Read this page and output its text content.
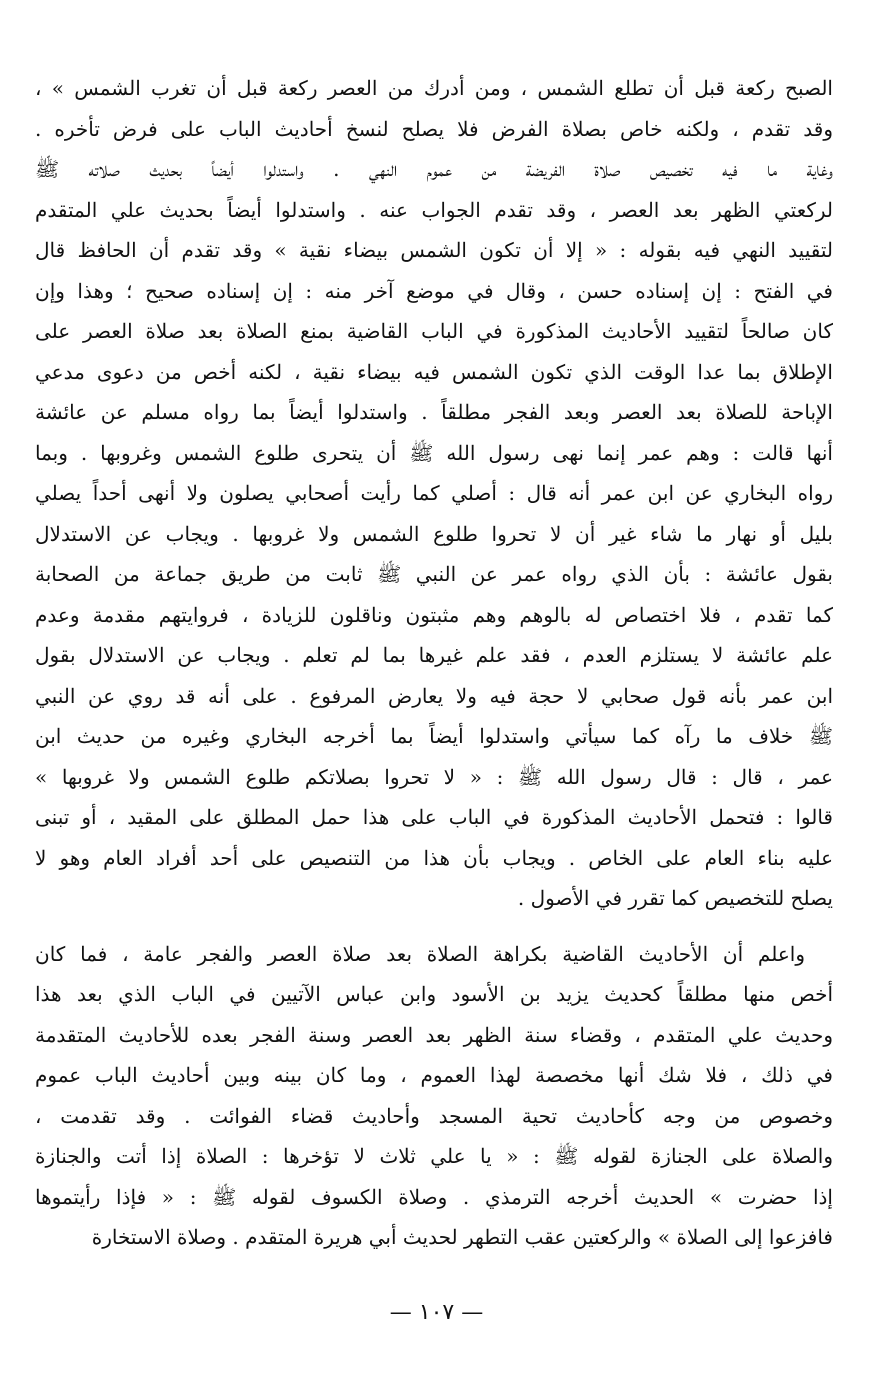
الصبح ركعة قبل أن تطلع الشمس ، ومن أدرك من العصر ركعة قبل أن تغرب الشمس » ،
وقد تقدم ، ولكنه خاص بصلاة الفرض فلا يصلح لنسخ أحاديث الباب على فرض تأخره .
وغاية ما فيه تخصيص صلاة الفريضة من عموم النهي . واستدلوا أيضاً بحديث صلاته ﷺ
لركعتي الظهر بعد العصر ، وقد تقدم الجواب عنه . واستدلوا أيضاً بحديث علي المتقدم
لتقييد النهي فيه بقوله : « إلا أن تكون الشمس بيضاء نقية » وقد تقدم أن الحافظ قال
في الفتح : إن إسناده حسن ، وقال في موضع آخر منه : إن إسناده صحيح ؛ وهذا وإن
كان صالحاً لتقييد الأحاديث المذكورة في الباب القاضية بمنع الصلاة بعد صلاة العصر على
الإطلاق بما عدا الوقت الذي تكون الشمس فيه بيضاء نقية ، لكنه أخص من دعوى مدعي
الإباحة للصلاة بعد العصر وبعد الفجر مطلقاً . واستدلوا أيضاً بما رواه مسلم عن عائشة
أنها قالت : وهم عمر إنما نهى رسول الله ﷺ أن يتحرى طلوع الشمس وغروبها . وبما
رواه البخاري عن ابن عمر أنه قال : أصلي كما رأيت أصحابي يصلون ولا أنهى أحداً يصلي
بليل أو نهار ما شاء غير أن لا تحروا طلوع الشمس ولا غروبها . ويجاب عن الاستدلال
بقول عائشة : بأن الذي رواه عمر عن النبي ﷺ ثابت من طريق جماعة من الصحابة
كما تقدم ، فلا اختصاص له بالوهم وهم مثبتون وناقلون للزيادة ، فروايتهم مقدمة وعدم
علم عائشة لا يستلزم العدم ، فقد علم غيرها بما لم تعلم . ويجاب عن الاستدلال بقول
ابن عمر بأنه قول صحابي لا حجة فيه ولا يعارض المرفوع . على أنه قد روي عن النبي
ﷺ خلاف ما رآه كما سيأتي واستدلوا أيضاً بما أخرجه البخاري وغيره من حديث ابن
عمر ، قال : قال رسول الله ﷺ : « لا تحروا بصلاتكم طلوع الشمس ولا غروبها »
قالوا : فتحمل الأحاديث المذكورة في الباب على هذا حمل المطلق على المقيد ، أو تبنى
عليه بناء العام على الخاص . ويجاب بأن هذا من التنصيص على أحد أفراد العام وهو لا
يصلح للتخصيص كما تقرر في الأصول .
واعلم أن الأحاديث القاضية بكراهة الصلاة بعد صلاة العصر والفجر عامة ، فما كان
أخص منها مطلقاً كحديث يزيد بن الأسود وابن عباس الآتيين في الباب الذي بعد هذا
وحديث علي المتقدم ، وقضاء سنة الظهر بعد العصر وسنة الفجر بعده للأحاديث المتقدمة
في ذلك ، فلا شك أنها مخصصة لهذا العموم ، وما كان بينه وبين أحاديث الباب عموم
وخصوص من وجه كأحاديث تحية المسجد وأحاديث قضاء الفوائت . وقد تقدمت ،
والصلاة على الجنازة لقوله ﷺ : « يا علي ثلاث لا تؤخرها : الصلاة إذا أتت والجنازة
إذا حضرت » الحديث أخرجه الترمذي . وصلاة الكسوف لقوله ﷺ : « فإذا رأيتموها
فافزعوا إلى الصلاة » والركعتين عقب التطهر لحديث أبي هريرة المتقدم . وصلاة الاستخارة
— ١٠٧ —
